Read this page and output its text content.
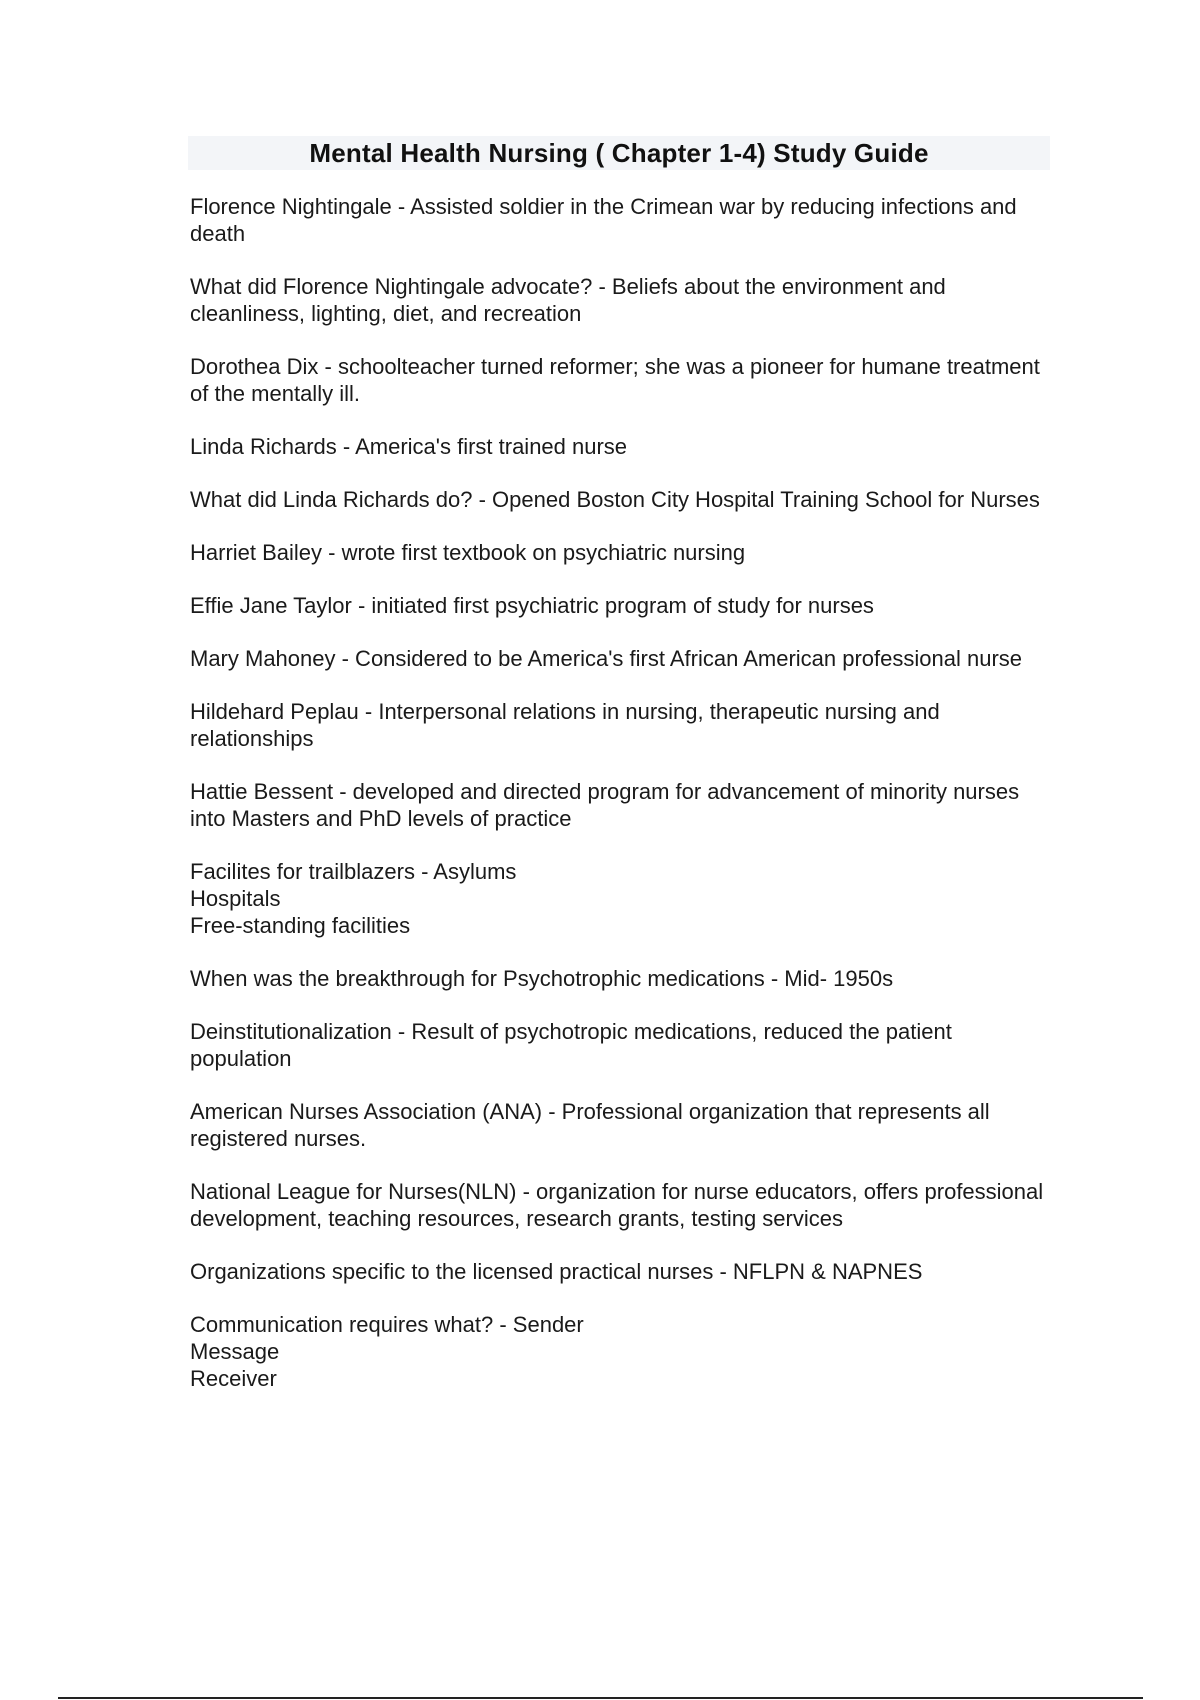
Mental Health Nursing ( Chapter 1-4) Study Guide

Florence Nightingale - Assisted soldier in the Crimean war by reducing infections and death

What did Florence Nightingale advocate? - Beliefs about the environment and cleanliness, lighting, diet, and recreation

Dorothea Dix - schoolteacher turned reformer; she was a pioneer for humane treatment of the mentally ill.

Linda Richards - America's first trained nurse

What did Linda Richards do? - Opened Boston City Hospital Training School for Nurses

Harriet Bailey - wrote first textbook on psychiatric nursing

Effie Jane Taylor - initiated first psychiatric program of study for nurses

Mary Mahoney - Considered to be America's first African American professional nurse

Hildehard Peplau - Interpersonal relations in nursing, therapeutic nursing and relationships

Hattie Bessent - developed and directed program for advancement of minority nurses into Masters and PhD levels of practice

Facilites for trailblazers - Asylums
Hospitals
Free-standing facilities

When was the breakthrough for Psychotrophic medications - Mid- 1950s

Deinstitutionalization - Result of psychotropic medications, reduced the patient population

American Nurses Association (ANA) - Professional organization that represents all registered nurses.

National League for Nurses(NLN) - organization for nurse educators, offers professional development, teaching resources, research grants, testing services

Organizations specific to the licensed practical nurses - NFLPN & NAPNES

Communication requires what? - Sender
Message
Receiver
